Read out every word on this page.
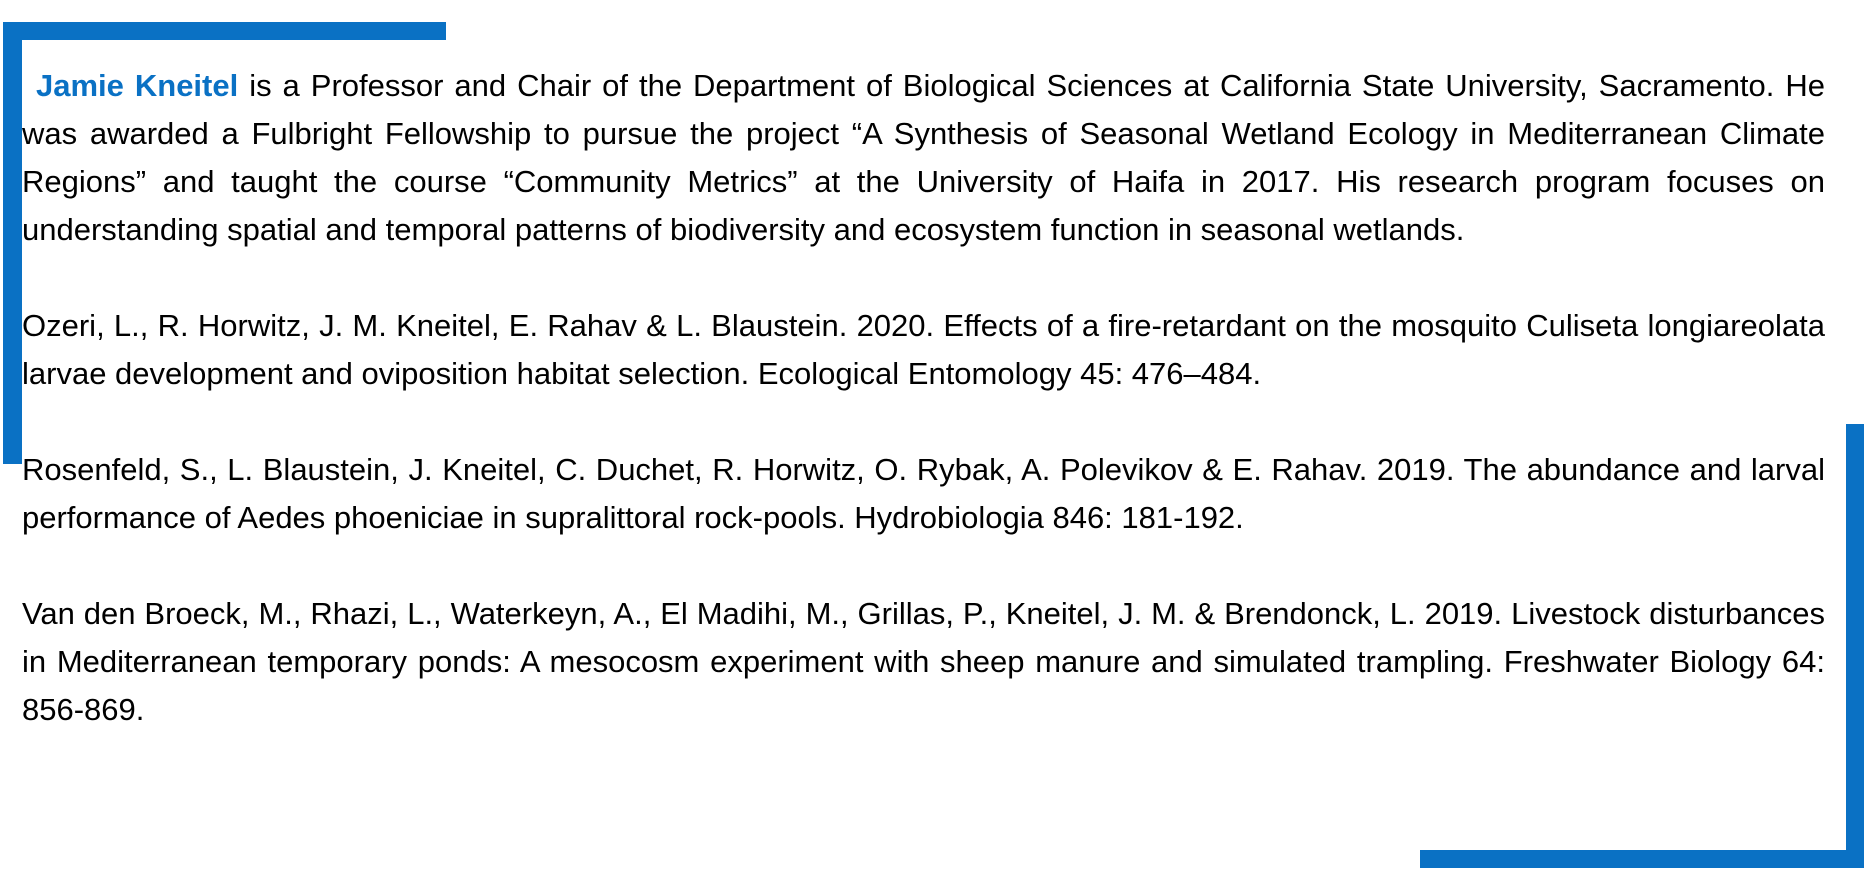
Jamie Kneitel is a Professor and Chair of the Department of Biological Sciences at California State University, Sacramento. He was awarded a Fulbright Fellowship to pursue the project “A Synthesis of Seasonal Wetland Ecology in Mediterranean Climate Regions” and taught the course “Community Metrics” at the University of Haifa in 2017. His research program focuses on understanding spatial and temporal patterns of biodiversity and ecosystem function in seasonal wetlands.

Ozeri, L., R. Horwitz, J. M. Kneitel, E. Rahav & L. Blaustein. 2020. Effects of a fire-retardant on the mosquito Culiseta longiareolata larvae development and oviposition habitat selection. Ecological Entomology 45: 476–484.

Rosenfeld, S., L. Blaustein, J. Kneitel, C. Duchet, R. Horwitz, O. Rybak, A. Polevikov & E. Rahav. 2019. The abundance and larval performance of Aedes phoeniciae in supralittoral rock-pools. Hydrobiologia 846: 181-192.

Van den Broeck, M., Rhazi, L., Waterkeyn, A., El Madihi, M., Grillas, P., Kneitel, J. M. & Brendonck, L. 2019. Livestock disturbances in Mediterranean temporary ponds: A mesocosm experiment with sheep manure and simulated trampling. Freshwater Biology 64: 856-869.
